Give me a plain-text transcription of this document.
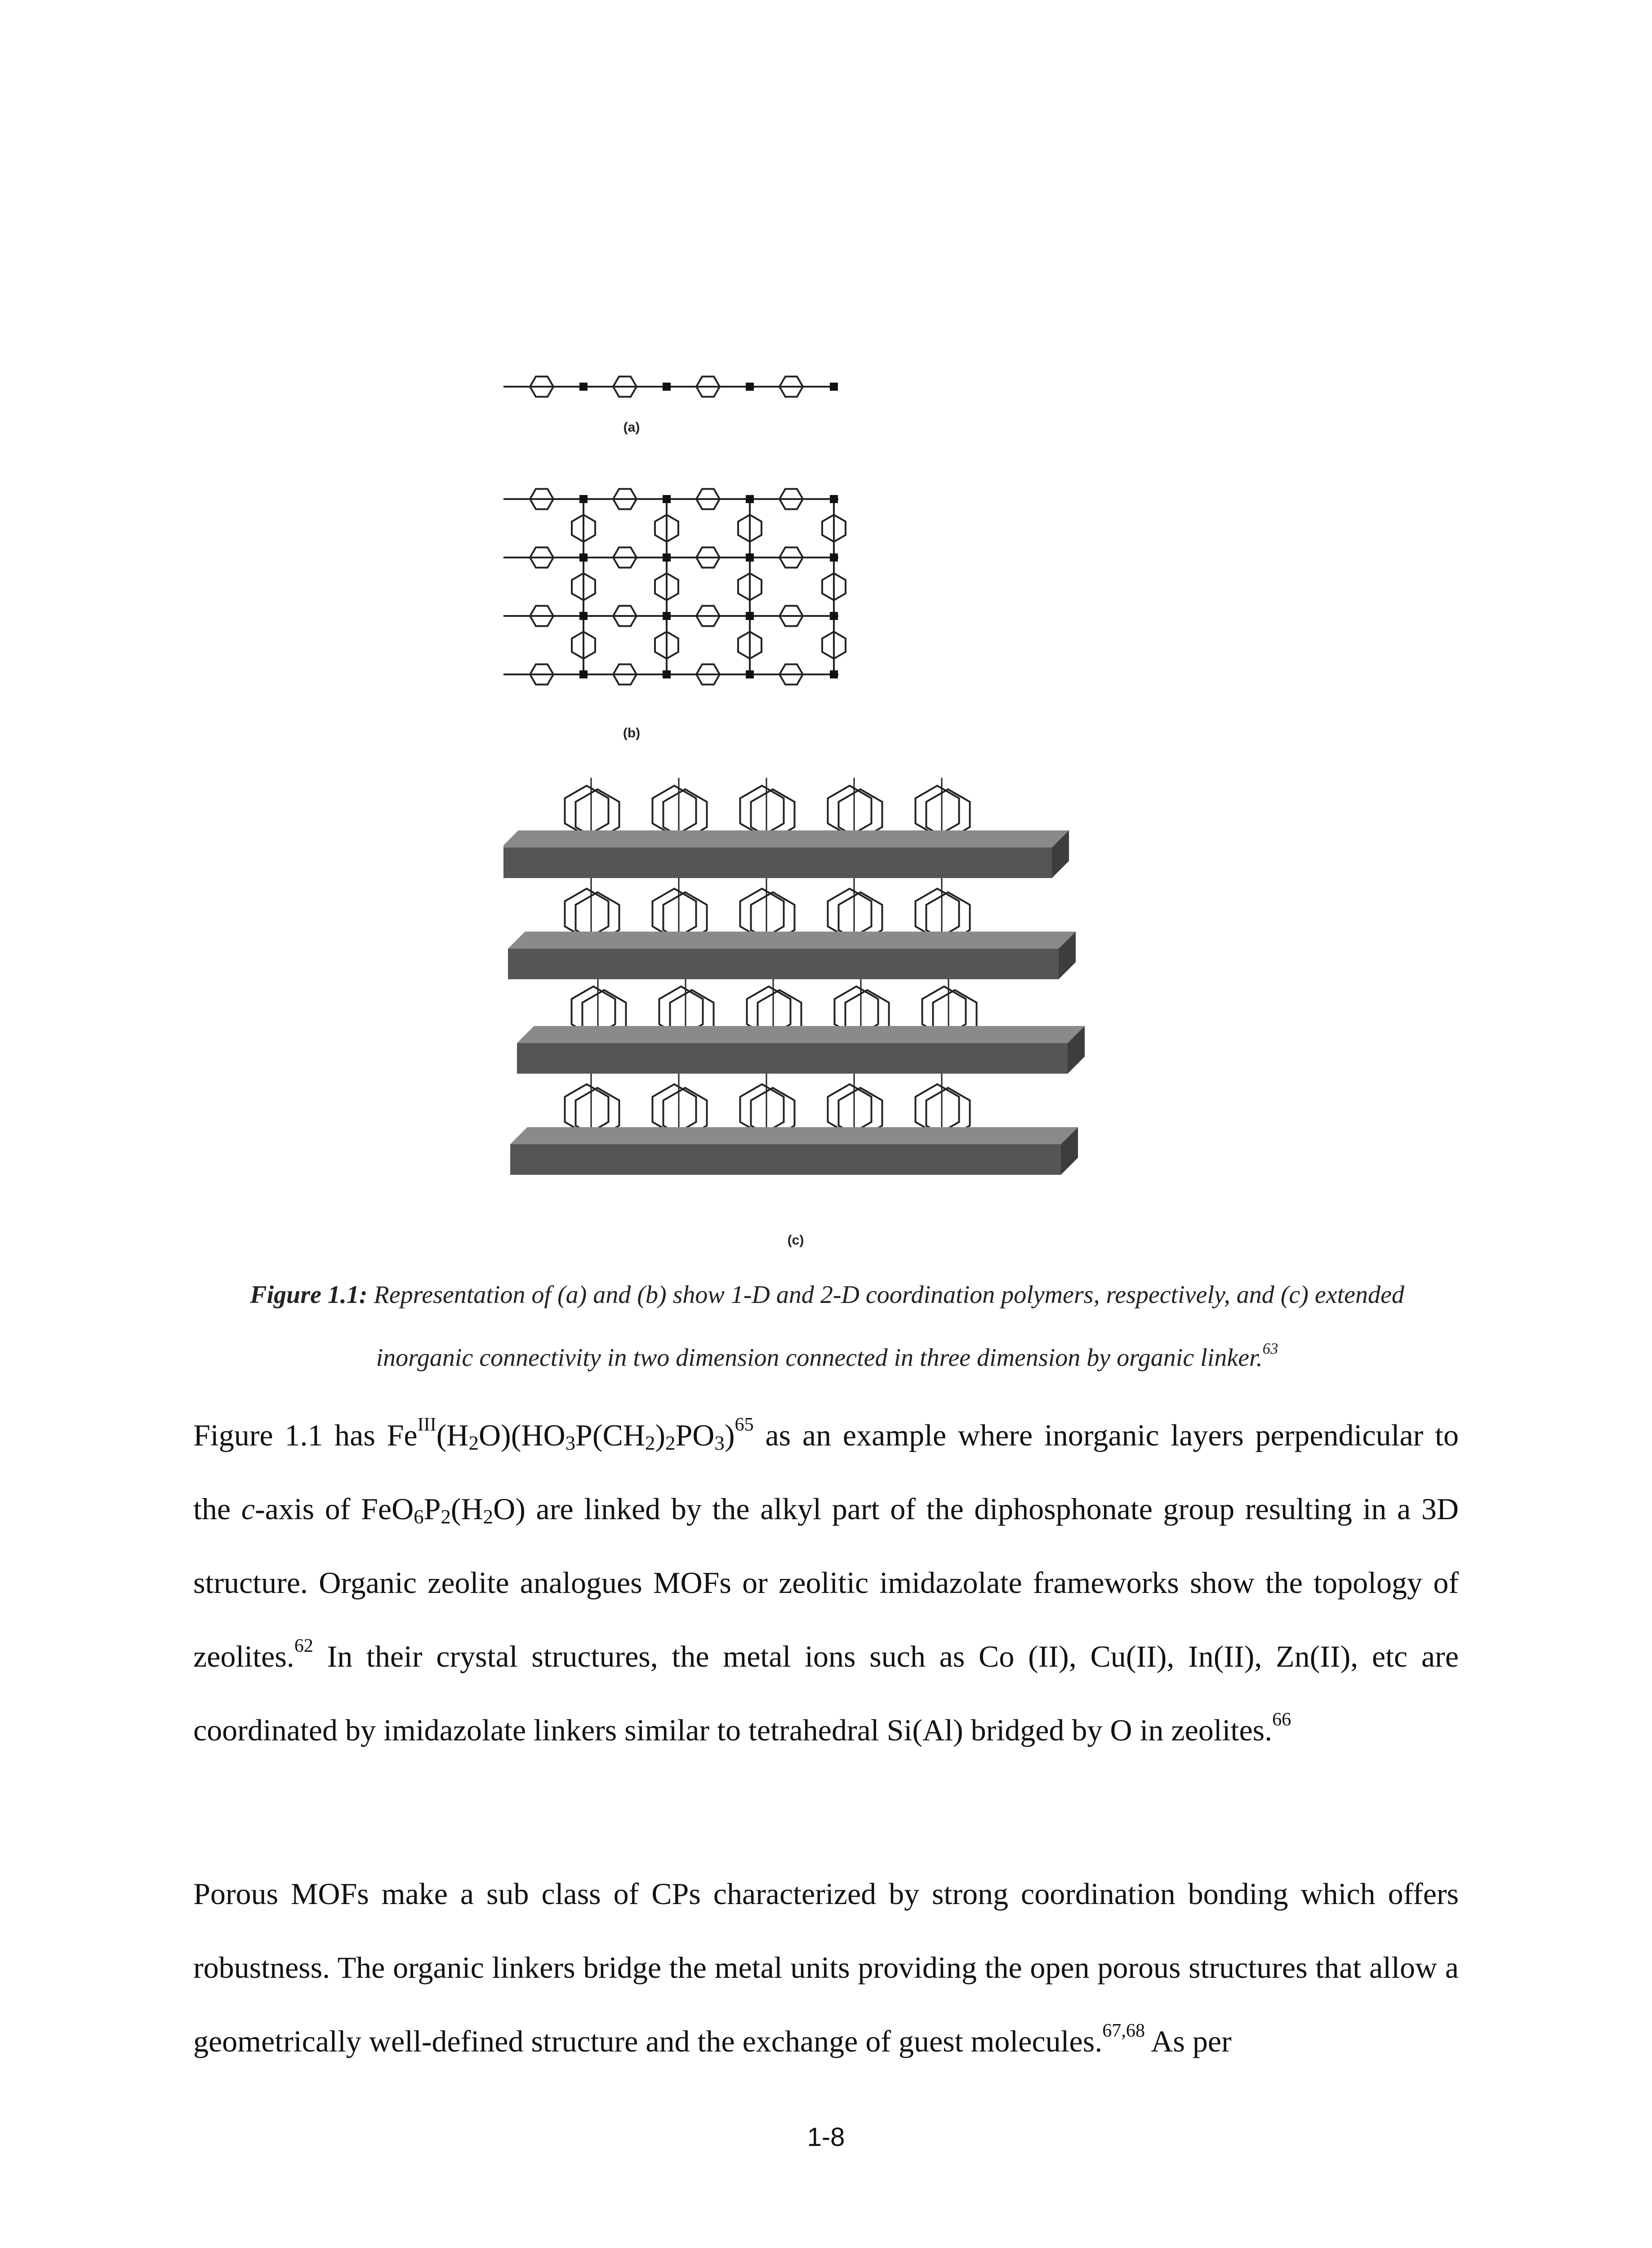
(a)
(b)
(c)
Figure 1.1: Representation of (a) and (b) show 1-D and 2-D coordination polymers, respectively, and (c) extended
inorganic connectivity in two dimension connected in three dimension by organic linker.$^{63}$
Figure 1.1 has $Fe^{III}(H_2O)(HO_3P(CH_2)_2PO_3)^{65}$ as an example where inorganic layers perpendicular to the c-axis of $FeO_6P_2(H_2O)$ are linked by the alkyl part of the diphosphonate group resulting in a 3D structure. Organic zeolite analogues MOFs or zeolitic imidazolate frameworks show the topology of zeolites.$^{62}$ In their crystal structures, the metal ions such as Co (II), Cu(II), In(II), Zn(II), etc are coordinated by imidazolate linkers similar to tetrahedral Si(Al) bridged by O in zeolites.$^{66}$
Porous MOFs make a sub class of CPs characterized by strong coordination bonding which offers robustness. The organic linkers bridge the metal units providing the open porous structures that allow a geometrically well-defined structure and the exchange of guest molecules.$^{67,68}$ As per
1-8
